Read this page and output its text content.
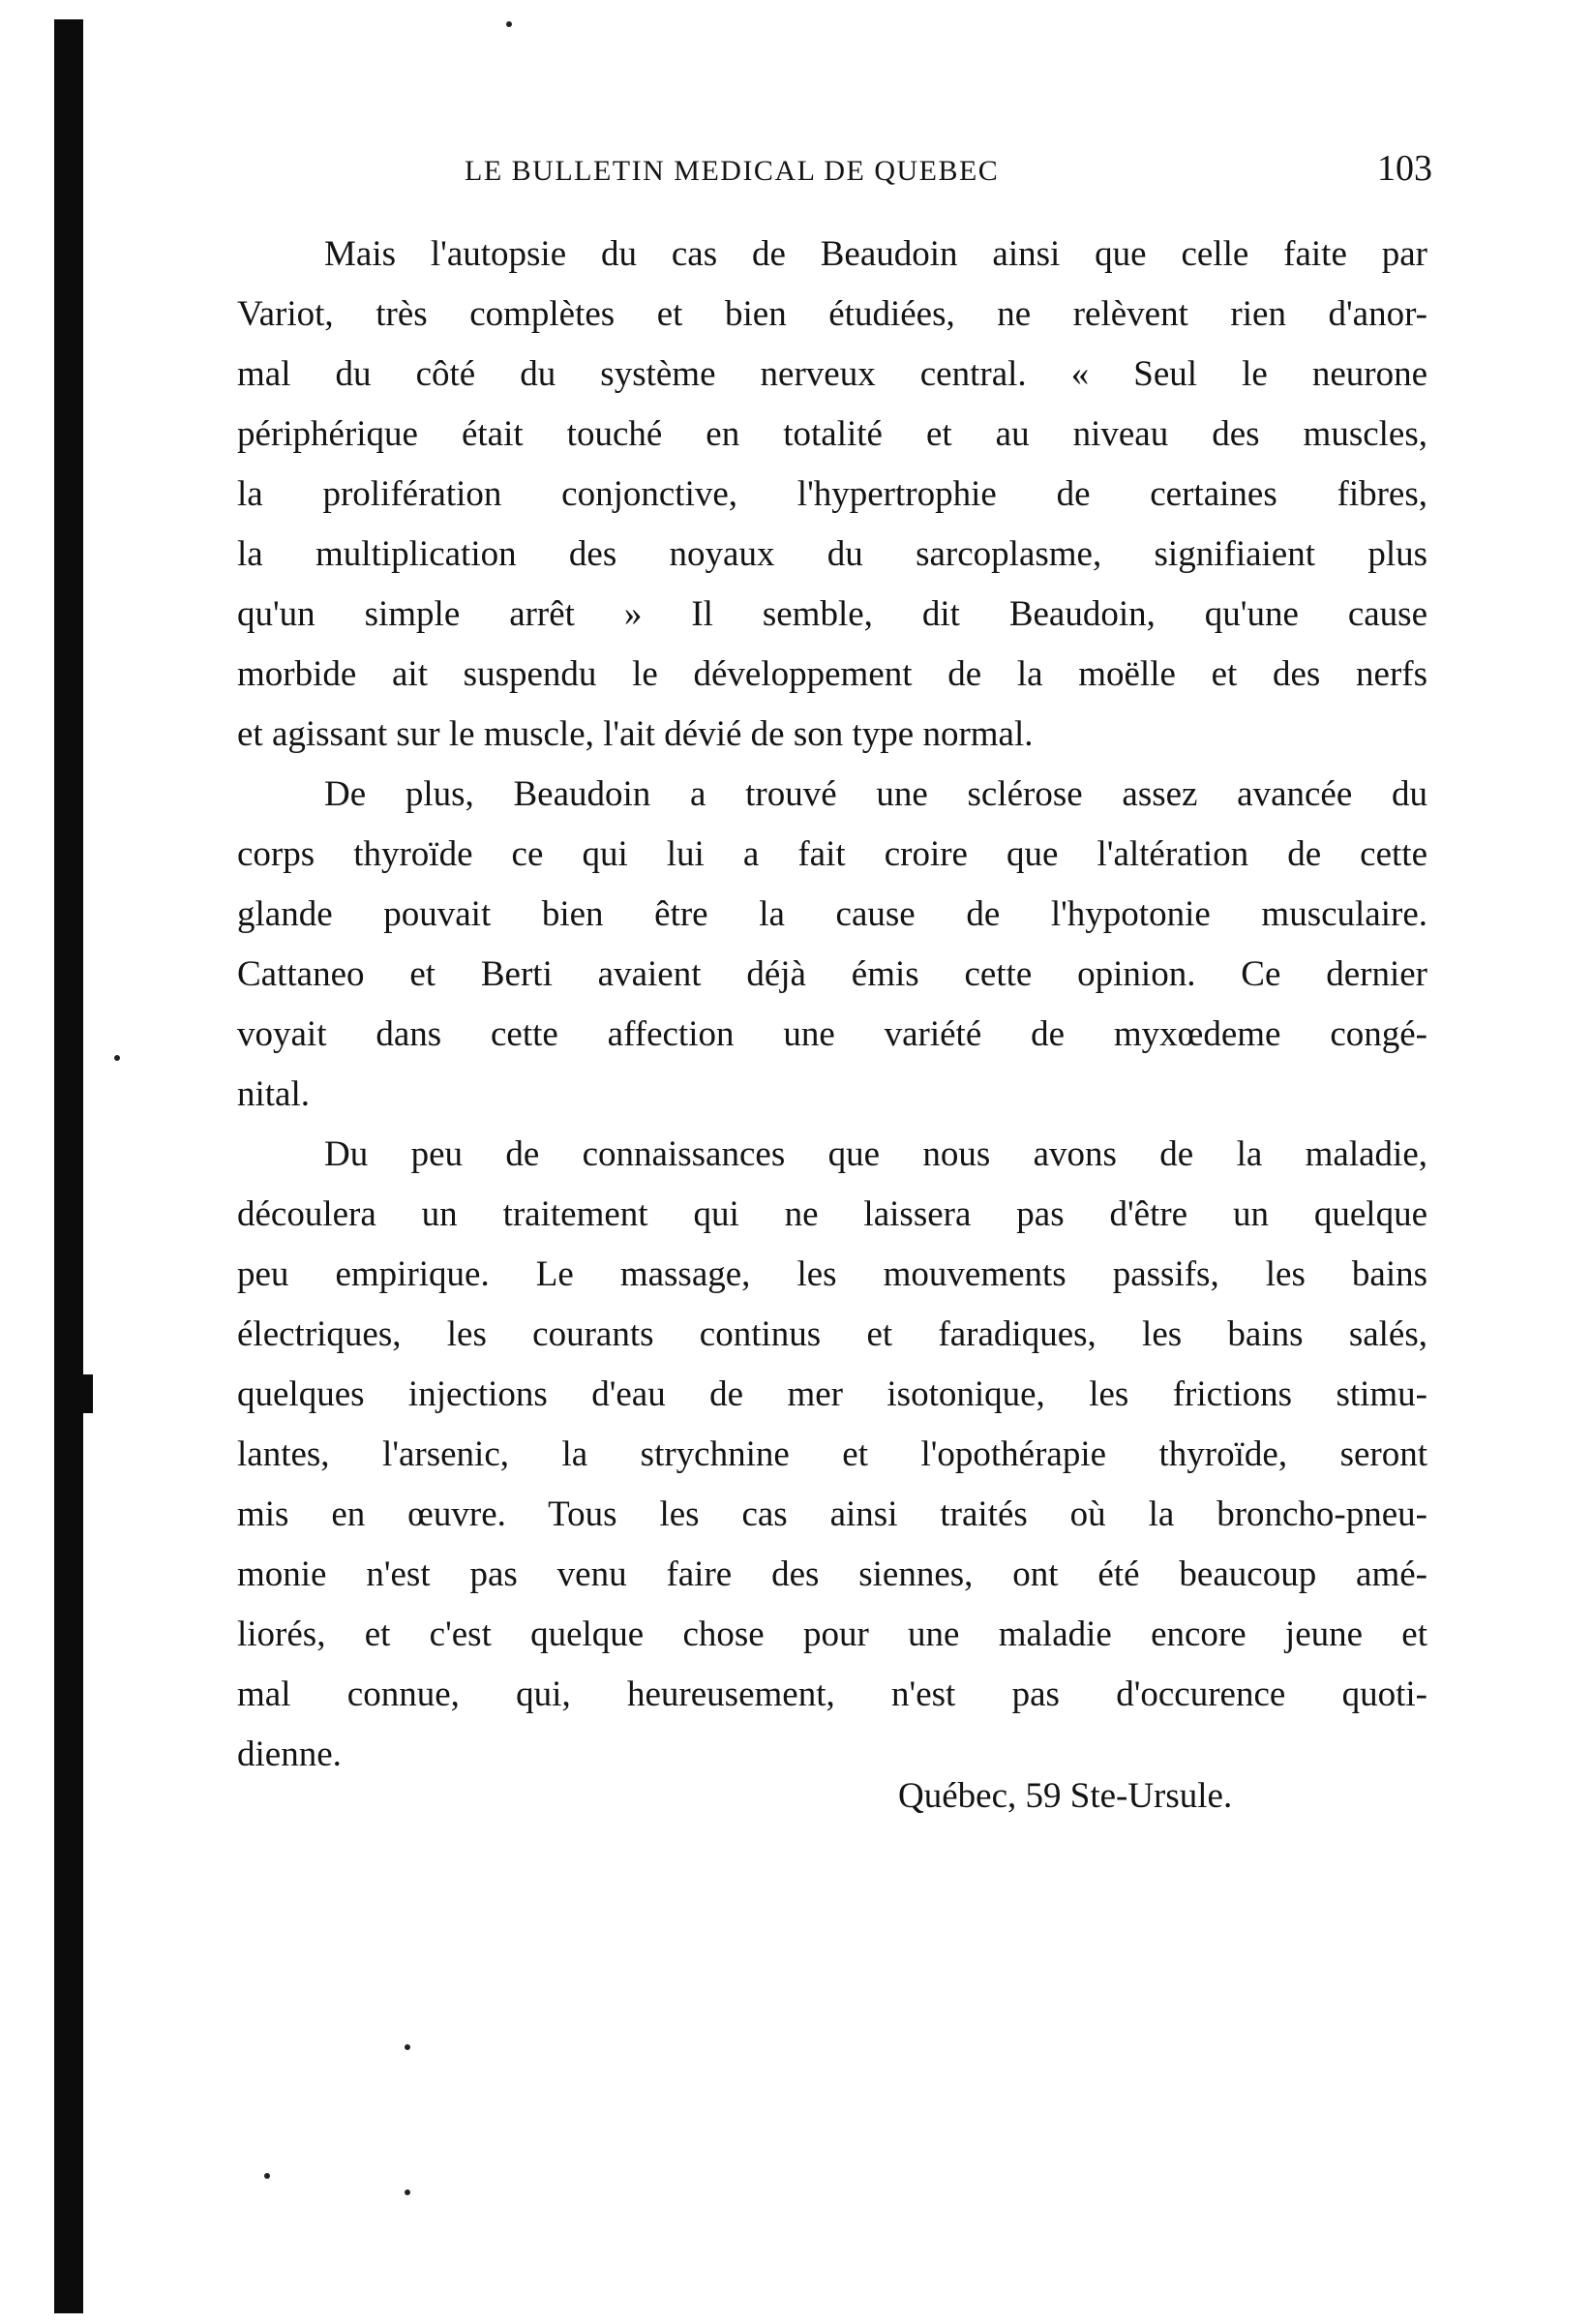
LE BULLETIN MEDICAL DE QUEBEC	103
Mais l'autopsie du cas de Beaudoin ainsi que celle faite par
Variot, très complètes et bien étudiées, ne relèvent rien d'anor-
mal du côté du système nerveux central. « Seul le neurone
périphérique était touché en totalité et au niveau des muscles,
la prolifération conjonctive, l'hypertrophie de certaines fibres,
la multiplication des noyaux du sarcoplasme, signifiaient plus
qu'un simple arrêt » Il semble, dit Beaudoin, qu'une cause
morbide ait suspendu le développement de la moëlle et des nerfs
et agissant sur le muscle, l'ait dévié de son type normal.
De plus, Beaudoin a trouvé une sclérose assez avancée du
corps thyroïde ce qui lui a fait croire que l'altération de cette
glande pouvait bien être la cause de l'hypotonie musculaire.
Cattaneo et Berti avaient déjà émis cette opinion. Ce dernier
voyait dans cette affection une variété de myxœdeme congé-
nital.
Du peu de connaissances que nous avons de la maladie,
découlera un traitement qui ne laissera pas d'être un quelque
peu empirique. Le massage, les mouvements passifs, les bains
électriques, les courants continus et faradiques, les bains salés,
quelques injections d'eau de mer isotonique, les frictions stimu-
lantes, l'arsenic, la strychnine et l'opothérapie thyroïde, seront
mis en œuvre. Tous les cas ainsi traités où la broncho-pneu-
monie n'est pas venu faire des siennes, ont été beaucoup amé-
liorés, et c'est quelque chose pour une maladie encore jeune et
mal connue, qui, heureusement, n'est pas d'occurence quoti-
dienne.
Québec, 59 Ste-Ursule.
